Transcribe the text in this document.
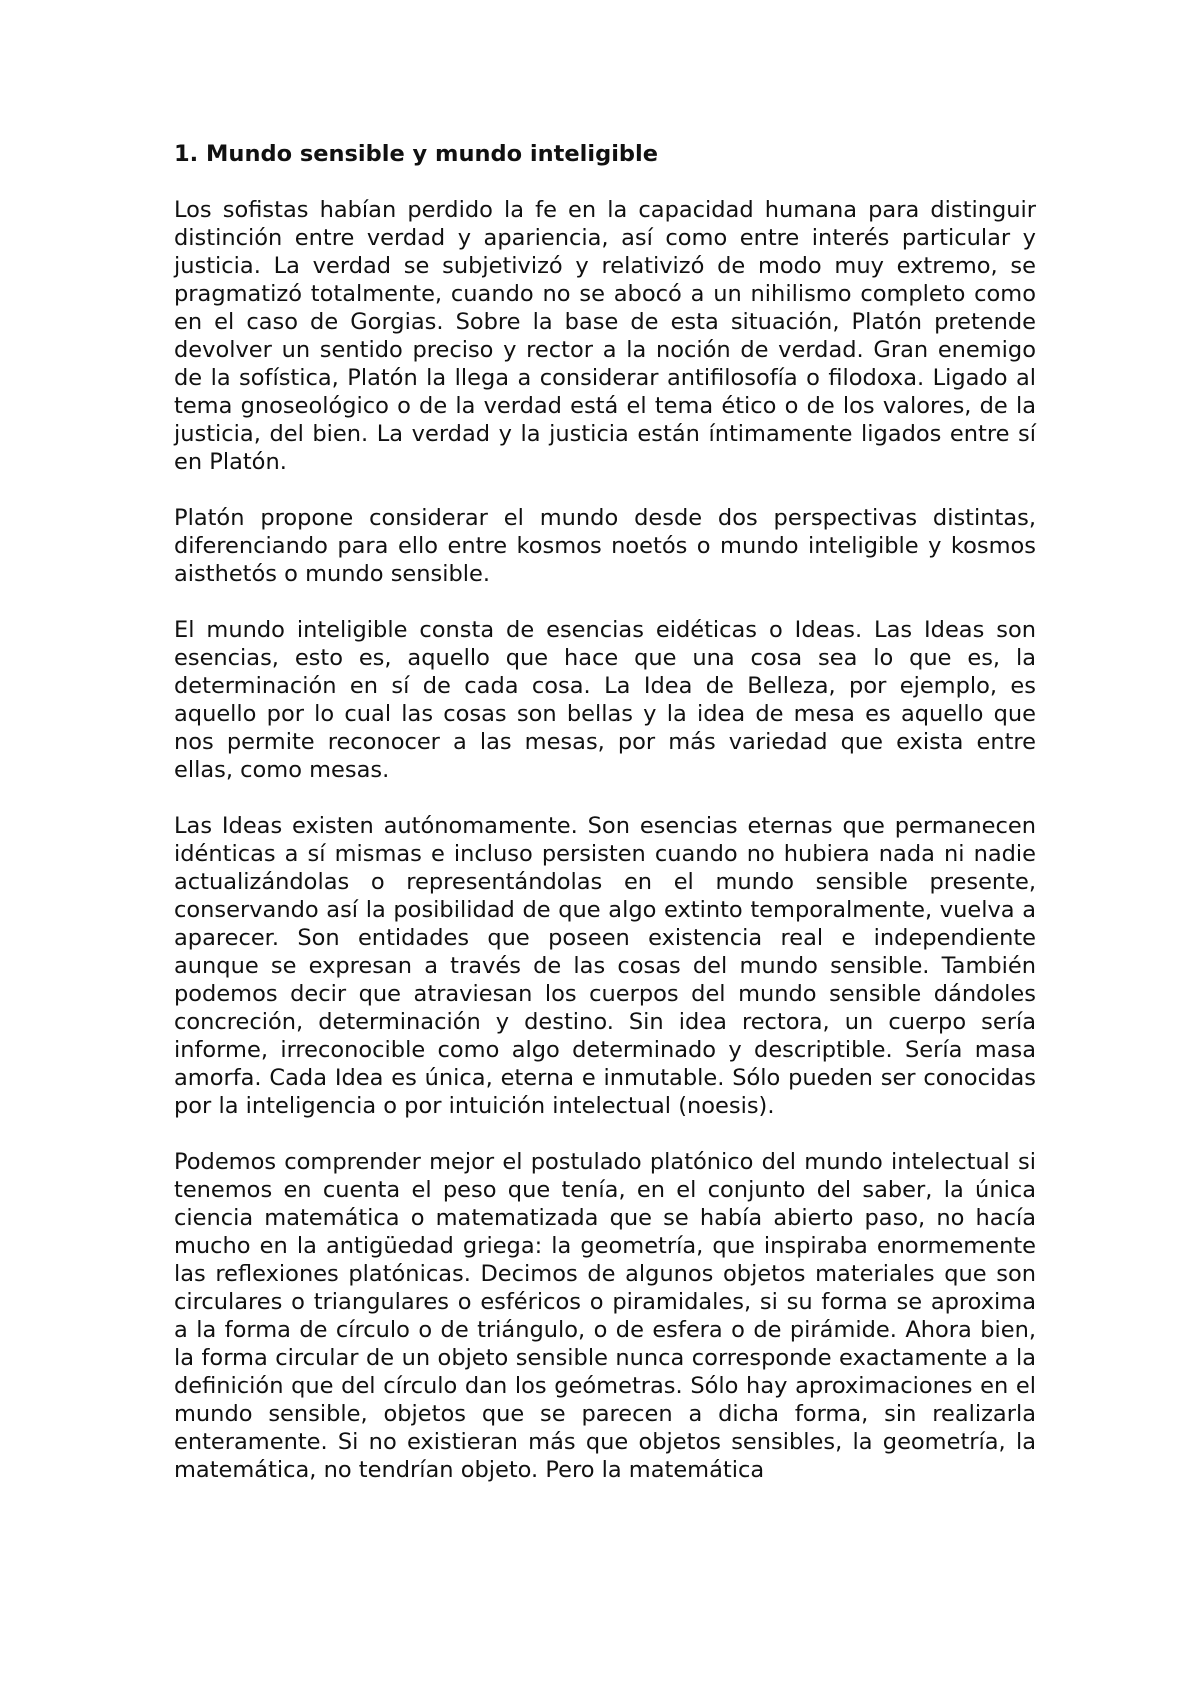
1. Mundo sensible y mundo inteligible

Los sofistas habían perdido la fe en la capacidad humana para distinguir distinción entre verdad y apariencia, así como entre interés particular y justicia. La verdad se subjetivizó y relativizó de modo muy extremo, se pragmatizó totalmente, cuando no se abocó a un nihilismo completo como en el caso de Gorgias. Sobre la base de esta situación, Platón pretende devolver un sentido preciso y rector a la noción de verdad. Gran enemigo de la sofística, Platón la llega a considerar antifilosofía o filodoxa. Ligado al tema gnoseológico o de la verdad está el tema ético o de los valores, de la justicia, del bien. La verdad y la justicia están íntimamente ligados entre sí en Platón.

Platón propone considerar el mundo desde dos perspectivas distintas, diferenciando para ello entre kosmos noetós o mundo inteligible y kosmos aisthetós o mundo sensible.

El mundo inteligible consta de esencias eidéticas o Ideas. Las Ideas son esencias, esto es, aquello que hace que una cosa sea lo que es, la determinación en sí de cada cosa. La Idea de Belleza, por ejemplo, es aquello por lo cual las cosas son bellas y la idea de mesa es aquello que nos permite reconocer a las mesas, por más variedad que exista entre ellas, como mesas.

Las Ideas existen autónomamente. Son esencias eternas que permanecen idénticas a sí mismas e incluso persisten cuando no hubiera nada ni nadie actualizándolas o representándolas en el mundo sensible presente, conservando así la posibilidad de que algo extinto temporalmente, vuelva a aparecer. Son entidades que poseen existencia real e independiente aunque se expresan a través de las cosas del mundo sensible. También podemos decir que atraviesan los cuerpos del mundo sensible dándoles concreción, determinación y destino. Sin idea rectora, un cuerpo sería informe, irreconocible como algo determinado y descriptible. Sería masa amorfa. Cada Idea es única, eterna e inmutable. Sólo pueden ser conocidas por la inteligencia o por intuición intelectual (noesis).

Podemos comprender mejor el postulado platónico del mundo intelectual si tenemos en cuenta el peso que tenía, en el conjunto del saber, la única ciencia matemática o matematizada que se había abierto paso, no hacía mucho en la antigüedad griega: la geometría, que inspiraba enormemente las reflexiones platónicas. Decimos de algunos objetos materiales que son circulares o triangulares o esféricos o piramidales, si su forma se aproxima a la forma de círculo o de triángulo, o de esfera o de pirámide. Ahora bien, la forma circular de un objeto sensible nunca corresponde exactamente a la definición que del círculo dan los geómetras. Sólo hay aproximaciones en el mundo sensible, objetos que se parecen a dicha forma, sin realizarla enteramente. Si no existieran más que objetos sensibles, la geometría, la matemática, no tendrían objeto. Pero la matemática
